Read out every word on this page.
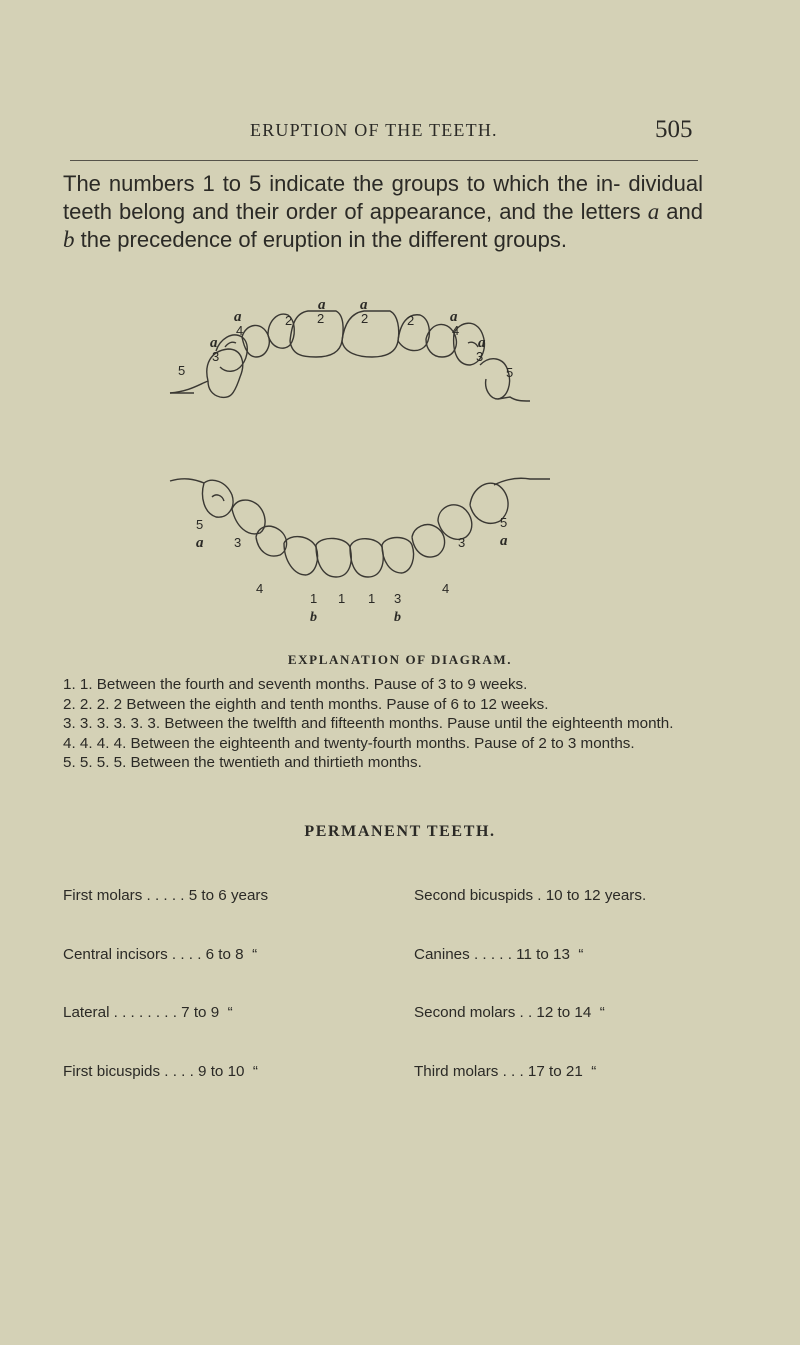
ERUPTION OF THE TEETH.	505

The numbers 1 to 5 indicate the groups to which the in- dividual teeth belong and their order of appearance, and the letters a and b the precedence of eruption in the different groups.

5
3
4
2 2	2	2
4
3
5
a
a
a a
a
a
5
3
4
1 1 1 3
4
3
5
a
b	b
a
EXPLANATION OF DIAGRAM.

1. 1. Between the fourth and seventh months. Pause of 3 to 9 weeks.

2. 2. 2. 2 Between the eighth and tenth months. Pause of 6 to 12 weeks.

3. 3. 3. 3. 3. 3. Between the twelfth and fifteenth months. Pause until the eighteenth month.

4. 4. 4. 4. Between the eighteenth and twenty-fourth months. Pause of 2 to 3 months.

5. 5. 5. 5. Between the twentieth and thirtieth months.

PERMANENT TEETH.

First molars . . . . . 5 to 6 years

Central incisors . . . . 6 to 8  “

Lateral . . . . . . . . 7 to 9  “

First bicuspids . . . . 9 to 10  “

Second bicuspids . 10 to 12 years.

Canines . . . . . 11 to 13  “

Second molars . . 12 to 14  “

Third molars . . . 17 to 21  “
